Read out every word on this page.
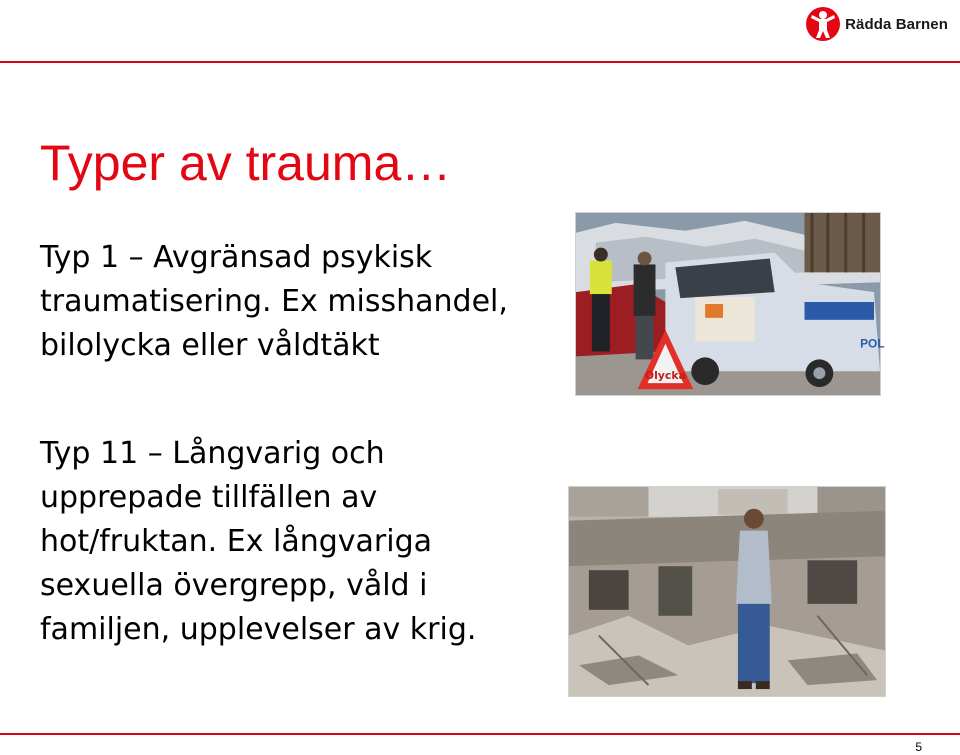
Rädda Barnen
Typer av trauma…
Typ 1 – Avgränsad psykisk
traumatisering. Ex misshandel,
bilolycka eller våldtäkt	POL
Olycka
Typ 11 – Långvarig och
upprepade tillfällen av
hot/fruktan. Ex långvariga
sexuella övergrepp, våld i
familjen, upplevelser av krig.
5
